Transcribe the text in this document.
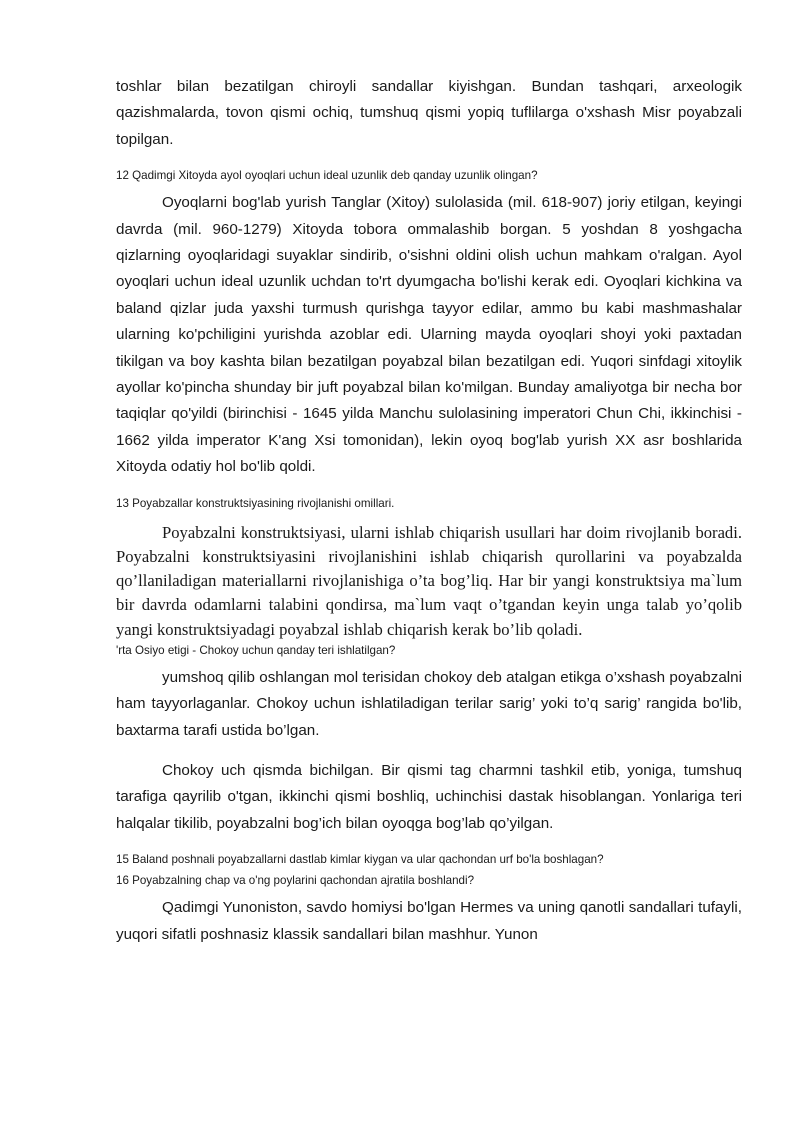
toshlar bilan bezatilgan chiroyli sandallar kiyishgan. Bundan tashqari, arxeologik qazishmalarda, tovon qismi ochiq, tumshuq qismi yopiq tuflilarga o'xshash Misr poyabzali topilgan.

12 Qadimgi Xitoyda ayol oyoqlari uchun ideal uzunlik deb qanday uzunlik olingan?

Oyoqlarni bog'lab yurish Tanglar (Xitoy) sulolasida (mil. 618-907) joriy etilgan, keyingi davrda (mil. 960-1279) Xitoyda tobora ommalashib borgan. 5 yoshdan 8 yoshgacha qizlarning oyoqlaridagi suyaklar sindirib, o'sishni oldini olish uchun mahkam o'ralgan. Ayol oyoqlari uchun ideal uzunlik uchdan to'rt dyumgacha bo'lishi kerak edi. Oyoqlari kichkina va baland qizlar juda yaxshi turmush qurishga tayyor edilar, ammo bu kabi mashmashalar ularning ko'pchiligini yurishda azoblar edi. Ularning mayda oyoqlari shoyi yoki paxtadan tikilgan va boy kashta bilan bezatilgan poyabzal bilan bezatilgan edi. Yuqori sinfdagi xitoylik ayollar ko'pincha shunday bir juft poyabzal bilan ko'milgan. Bunday amaliyotga bir necha bor taqiqlar qo'yildi (birinchisi - 1645 yilda Manchu sulolasining imperatori Chun Chi, ikkinchisi - 1662 yilda imperator K'ang Xsi tomonidan), lekin oyoq bog'lab yurish XX asr boshlarida Xitoyda odatiy hol bo'lib qoldi.

13 Poyabzallar konstruktsiyasining rivojlanishi omillari.

Poyabzalni konstruktsiyasi, ularni ishlab chiqarish usullari har doim rivojlanib boradi. Poyabzalni konstruktsiyasini rivojlanishini ishlab chiqarish qurollarini va poyabzalda qo’llaniladigan materiallarni rivojlanishiga o’ta bog’liq. Har bir yangi konstruktsiya ma`lum bir davrda odamlarni talabini qondirsa, ma`lum vaqt o’tgandan keyin unga talab yo’qolib yangi konstruktsiyadagi poyabzal ishlab chiqarish kerak bo’lib qoladi.

'rta Osiyo etigi - Chokoy uchun qanday teri ishlatilgan?

yumshoq qilib oshlangan mol terisidan chokoy deb atalgan etikga o’xshash poyabzalni ham tayyorlaganlar. Chokoy uchun ishlatiladigan terilar sarig’ yoki to’q sarig’ rangida bo'lib, baxtarma tarafi ustida bo’lgan.

Chokoy uch qismda bichilgan. Bir qismi tag charmni tashkil etib, yoniga, tumshuq tarafiga qayrilib o'tgan, ikkinchi qismi boshliq, uchinchisi dastak hisoblangan. Yonlariga teri halqalar tikilib, poyabzalni bog’ich bilan oyoqga bog’lab qo’yilgan.

15 Baland poshnali poyabzallarni dastlab kimlar kiygan va ular qachondan urf bo'la boshlagan?

16 Poyabzalning chap va o'ng poylarini qachondan ajratila boshlandi?

Qadimgi Yunoniston, savdo homiysi bo'lgan Hermes va uning qanotli sandallari tufayli, yuqori sifatli poshnasiz klassik sandallari bilan mashhur. Yunon
